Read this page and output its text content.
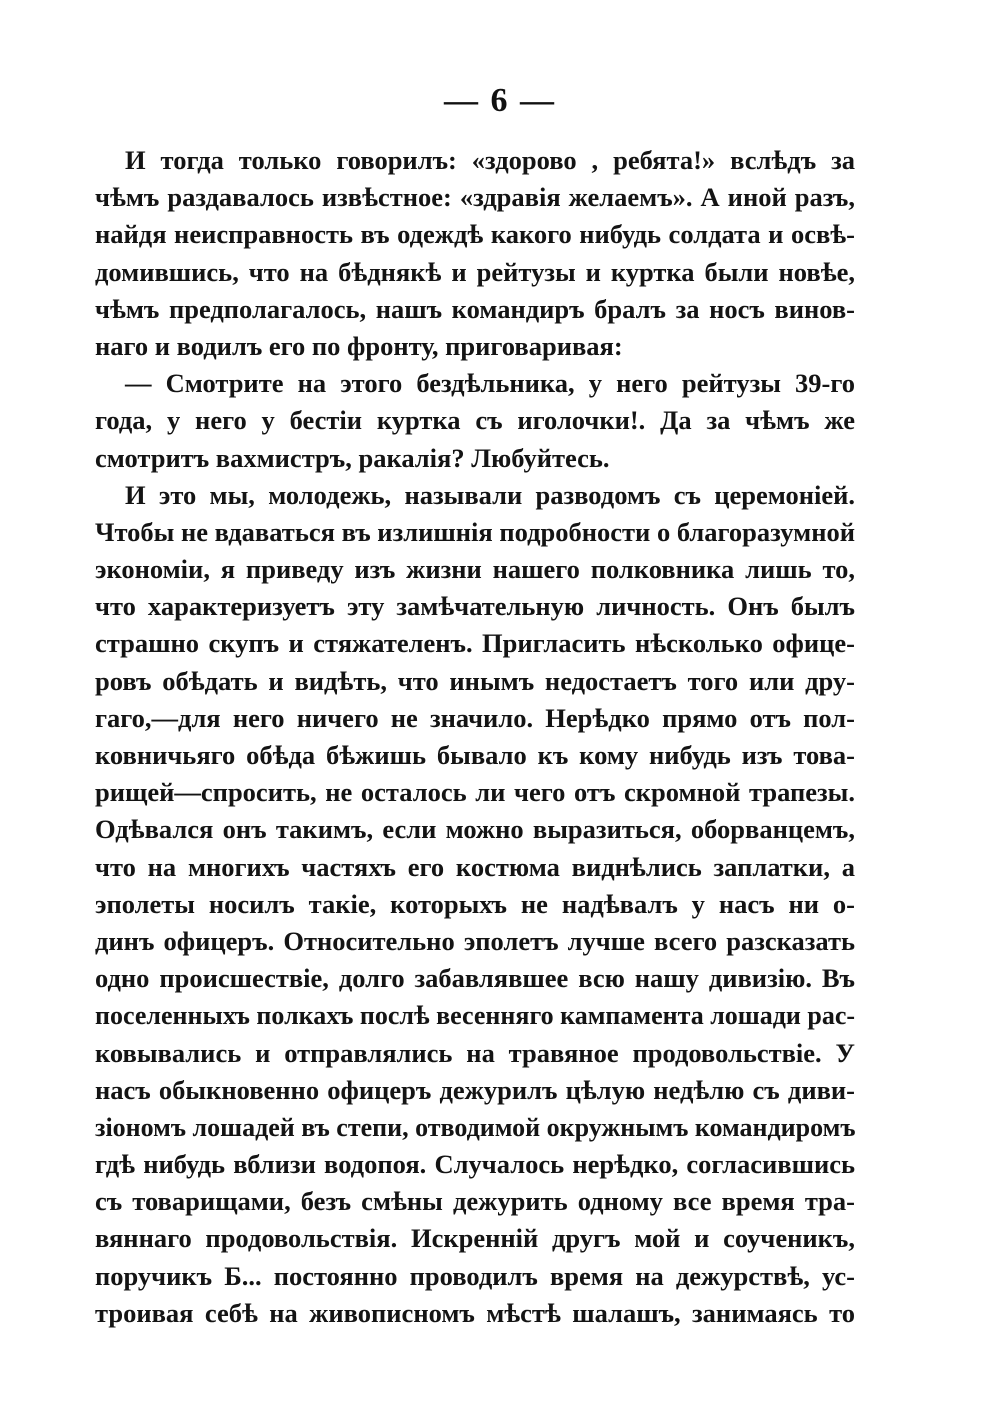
— 6 —
И тогда только говорилъ: «здорово , ребята!» вслѣдъ за
чѣмъ раздавалось извѣстное: «здравія желаемъ». А иной разъ,
найдя неисправность въ одеждѣ какого нибудь солдата и освѣ-
домившись, что на бѣднякѣ и рейтузы и куртка были новѣе,
чѣмъ предполагалось, нашъ командиръ бралъ за носъ винов-
наго и водилъ его по фронту, приговаривая:
— Смотрите на этого бездѣльника, у него рейтузы 39-го
года, у него у бестіи куртка съ иголочки!. Да за чѣмъ же
смотритъ вахмистръ, ракалія? Любуйтесь.
И это мы, молодежь, называли разводомъ съ церемоніей.
Чтобы не вдаваться въ излишнія подробности о благоразумной
экономіи, я приведу изъ жизни нашего полковника лишь то,
что характеризуетъ эту замѣчательную личность. Онъ былъ
страшно скупъ и стяжателенъ. Пригласить нѣсколько офице-
ровъ обѣдать и видѣть, что инымъ недостаетъ того или дру-
гаго,—для него ничего не значило. Нерѣдко прямо отъ пол-
ковничьяго обѣда бѣжишь бывало къ кому нибудь изъ това-
рищей—спросить, не осталось ли чего отъ скромной трапезы.
Одѣвался онъ такимъ, если можно выразиться, оборванцемъ,
что на многихъ частяхъ его костюма виднѣлись заплатки, а
эполеты носилъ такіе, которыхъ не надѣвалъ у насъ ни о-
динъ офицеръ. Относительно эполетъ лучше всего разсказать
одно происшествіе, долго забавлявшее всю нашу дивизію. Въ
поселенныхъ полкахъ послѣ весенняго кампамента лошади рас-
ковывались и отправлялись на травяное продовольствіе. У
насъ обыкновенно офицеръ дежурилъ цѣлую недѣлю съ диви-
зіономъ лошадей въ степи, отводимой окружнымъ командиромъ
гдѣ нибудь вблизи водопоя. Случалось нерѣдко, согласившись
съ товарищами, безъ смѣны дежурить одному все время тра-
вяннаго продовольствія. Искренній другъ мой и соученикъ,
поручикъ Б... постоянно проводилъ время на дежурствѣ, ус-
троивая себѣ на живописномъ мѣстѣ шалашъ, занимаясь то
